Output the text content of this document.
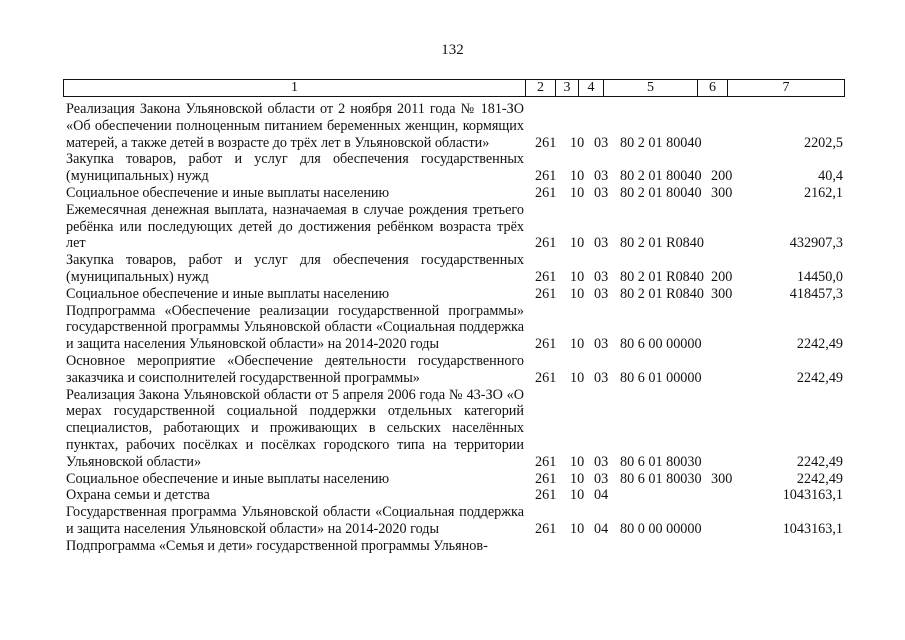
132
1	2	3	4	5	6	7
Реализация Закона Ульяновской области от 2 ноября 2011 года № 181-ЗО «Об обеспечении полноценным питанием беременных женщин, кормящих матерей, а также детей в возрасте до трёх лет в Ульяновской области»	261 10 03 80 2 01 80040	2202,5
Закупка товаров, работ и услуг для обеспечения государственных (муниципальных) нужд	261 10 03 80 2 01 80040 200	40,4
Социальное обеспечение и иные выплаты населению	261 10 03 80 2 01 80040 300	2162,1
Ежемесячная денежная выплата, назначаемая в случае рождения третьего ребёнка или последующих детей до достижения ребёнком возраста трёх лет	261 10 03 80 2 01 R0840	432907,3
Закупка товаров, работ и услуг для обеспечения государственных (муниципальных) нужд	261 10 03 80 2 01 R0840 200	14450,0
Социальное обеспечение и иные выплаты населению	261 10 03 80 2 01 R0840 300	418457,3
Подпрограмма «Обеспечение реализации государственной программы» государственной программы Ульяновской области «Социальная поддержка и защита населения Ульяновской области» на 2014-2020 годы	261 10 03 80 6 00 00000	2242,49
Основное мероприятие «Обеспечение деятельности государственного заказчика и соисполнителей государственной программы»	261 10 03 80 6 01 00000	2242,49
Реализация Закона Ульяновской области от 5 апреля 2006 года № 43-ЗО «О мерах государственной социальной поддержки отдельных категорий специалистов, работающих и проживающих в сельских населённых пунктах, рабочих посёлках и посёлках городского типа на территории Ульяновской области»	261 10 03 80 6 01 80030	2242,49
Социальное обеспечение и иные выплаты населению	261 10 03 80 6 01 80030 300	2242,49
Охрана семьи и детства	261 10 04	1043163,1
Государственная программа Ульяновской области «Социальная поддержка и защита населения Ульяновской области» на 2014-2020 годы	261 10 04 80 0 00 00000	1043163,1
Подпрограмма «Семья и дети» государственной программы Ульянов-
